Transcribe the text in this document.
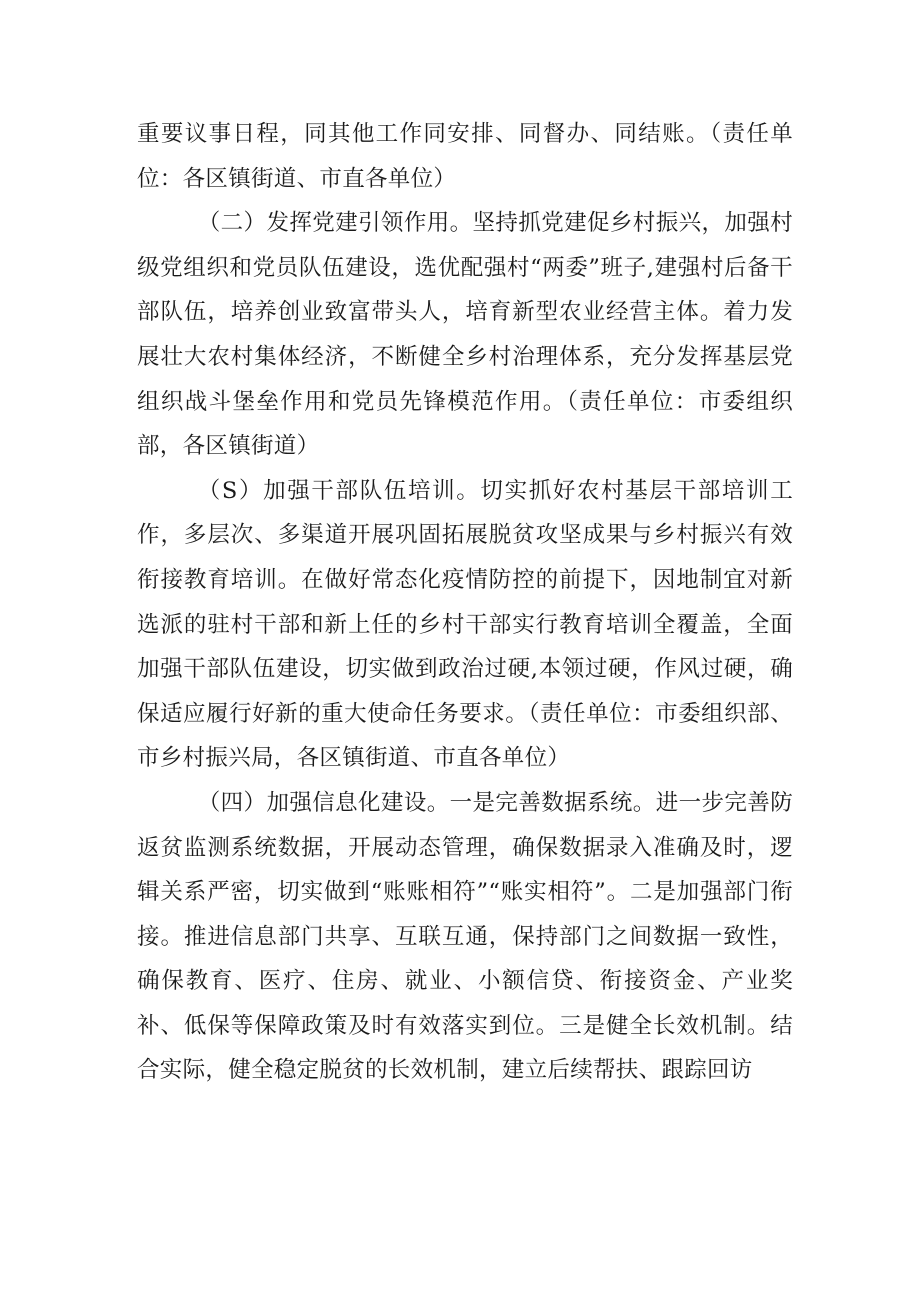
重要议事日程，同其他工作同安排、同督办、同结账。（责任单位：各区镇街道、市直各单位）

（二）发挥党建引领作用。坚持抓党建促乡村振兴，加强村级党组织和党员队伍建设，选优配强村“两委”班子,建强村后备干部队伍，培养创业致富带头人，培育新型农业经营主体。着力发展壮大农村集体经济，不断健全乡村治理体系，充分发挥基层党组织战斗堡垒作用和党员先锋模范作用。（责任单位：市委组织部，各区镇街道）

（S）加强干部队伍培训。切实抓好农村基层干部培训工作，多层次、多渠道开展巩固拓展脱贫攻坚成果与乡村振兴有效衔接教育培训。在做好常态化疫情防控的前提下，因地制宜对新选派的驻村干部和新上任的乡村干部实行教育培训全覆盖，全面加强干部队伍建设，切实做到政治过硬,本领过硬，作风过硬，确保适应履行好新的重大使命任务要求。（责任单位：市委组织部、市乡村振兴局，各区镇街道、市直各单位）

（四）加强信息化建设。一是完善数据系统。进一步完善防返贫监测系统数据，开展动态管理，确保数据录入准确及时，逻辑关系严密，切实做到“账账相符”“账实相符”。二是加强部门衔接。推进信息部门共享、互联互通，保持部门之间数据一致性，确保教育、医疗、住房、就业、小额信贷、衔接资金、产业奖补、低保等保障政策及时有效落实到位。三是健全长效机制。结合实际，健全稳定脱贫的长效机制，建立后续帮扶、跟踪回访
